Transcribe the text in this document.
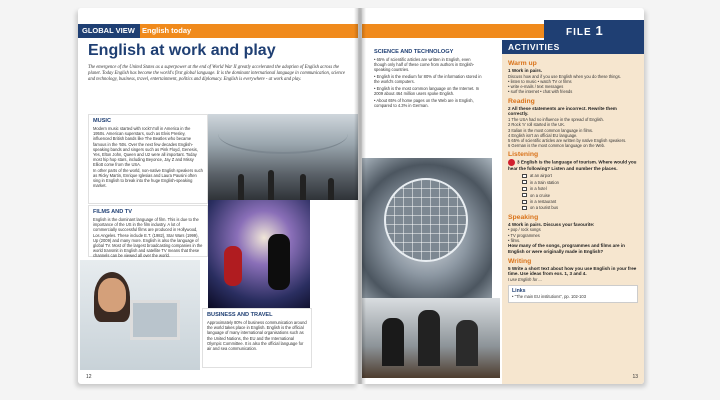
GLOBAL VIEW English today
English at work and play
The emergence of the United States as a superpower at the end of World War II greatly accelerated the adoption of English across the planet. Today English has become the world's first global language. It is the dominant international language in communication, science and technology, business, travel, entertainment, politics and diplomacy. English is everywhere - at work and play.
MUSIC

Modern music started with rock'n'roll in America in the 1950s. American superstars, such as Elvis Presley, influenced British bands like The Beatles who became famous in the '60s. Over the next few decades English-speaking bands and singers such as Pink Floyd, Genesis, Yes, Elton John, Queen and U2 were all important. Today most hip hop stars, including Beyonce, Jay Z and Missy Elliott come from the USA.

In other parts of the world, non-native English speakers such as Ricky Martin, Enrique Iglesias and Laura Pausini often sing in English to break into the huge English-speaking market.

FILMS AND TV

English is the dominant language of film. This is due to the importance of the US in the film industry. A lot of commercially successful films are produced in Hollywood, Los Angeles. These include E.T. (1982), Star Wars (1999), Up (2009) and many more. English is also the language of global TV. Most of the largest broadcasting companies in the world transmit in English and satellite TV means that these channels can be viewed all over the world.

BUSINESS AND TRAVEL

Approximately 80% of business communication around the world takes place in English. English is the official language of many international organisations such as the United Nations, the EU and the International Olympic Committee. It is also the official language for air and sea communication.

12
FILE 1
SCIENCE AND TECHNOLOGY

• 65% of scientific articles are written in English, even though only half of these come from authors in English-speaking countries.

• English is the medium for 80% of the information stored in the world's computers.

• English is the most common language on the Internet. In 2009 about 464 million users spoke English.

• About 65% of home pages on the Web are in English, compared to 4.3% in German.

ACTIVITIES
Warm up
1 Work in pairs.
Discuss how and if you use English when you do these things.
• listen to music • watch TV or films
• write e-mails / text messages
• surf the internet • chat with friends
Reading
2 All these statements are incorrect. Rewrite them correctly.
1 The USA had no influence in the spread of English.
2 Rock 'n' roll started in the UK.
3 Italian is the most common language in films.
4 English isn't an official EU language.
5 65% of scientific articles are written by native English speakers.
6 German is the most common language on the Web.
Listening
3 English is the language of tourism. Where would you hear the following? Listen and number the places.
at an airport
in a train station
in a hotel
on a cruise
in a restaurant
on a tourist bus
Speaking
4 Work in pairs. Discuss your favourite:
• pop / rock songs
• TV programmes
• films.
How many of the songs, programmes and films are in English or were originally made in English?
Writing
5 Write a short text about how you use English in your free time. Use ideas from exs. 1, 3 and 4.
I use English for ...
Links
• "The main EU institutions", pp. 102-103
13
